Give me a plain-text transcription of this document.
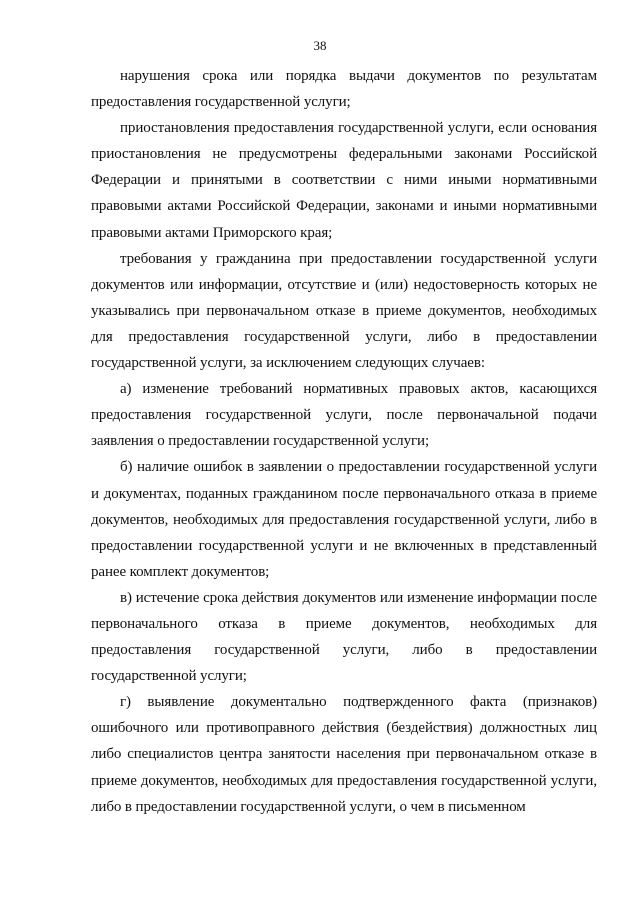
38

нарушения срока или порядка выдачи документов по результатам предоставления государственной услуги;

приостановления предоставления государственной услуги, если основания приостановления не предусмотрены федеральными законами Российской Федерации и принятыми в соответствии с ними иными нормативными правовыми актами Российской Федерации, законами и иными нормативными правовыми актами Приморского края;

требования у гражданина при предоставлении государственной услуги документов или информации, отсутствие и (или) недостоверность которых не указывались при первоначальном отказе в приеме документов, необходимых для предоставления государственной услуги, либо в предоставлении государственной услуги, за исключением следующих случаев:

а) изменение требований нормативных правовых актов, касающихся предоставления государственной услуги, после первоначальной подачи заявления о предоставлении государственной услуги;

б) наличие ошибок в заявлении о предоставлении государственной услуги и документах, поданных гражданином после первоначального отказа в приеме документов, необходимых для предоставления государственной услуги, либо в предоставлении государственной услуги и не включенных в представленный ранее комплект документов;

в) истечение срока действия документов или изменение информации после первоначального отказа в приеме документов, необходимых для предоставления государственной услуги, либо в предоставлении государственной услуги;

г) выявление документально подтвержденного факта (признаков) ошибочного или противоправного действия (бездействия) должностных лиц либо специалистов центра занятости населения при первоначальном отказе в приеме документов, необходимых для предоставления государственной услуги, либо в предоставлении государственной услуги, о чем в письменном
